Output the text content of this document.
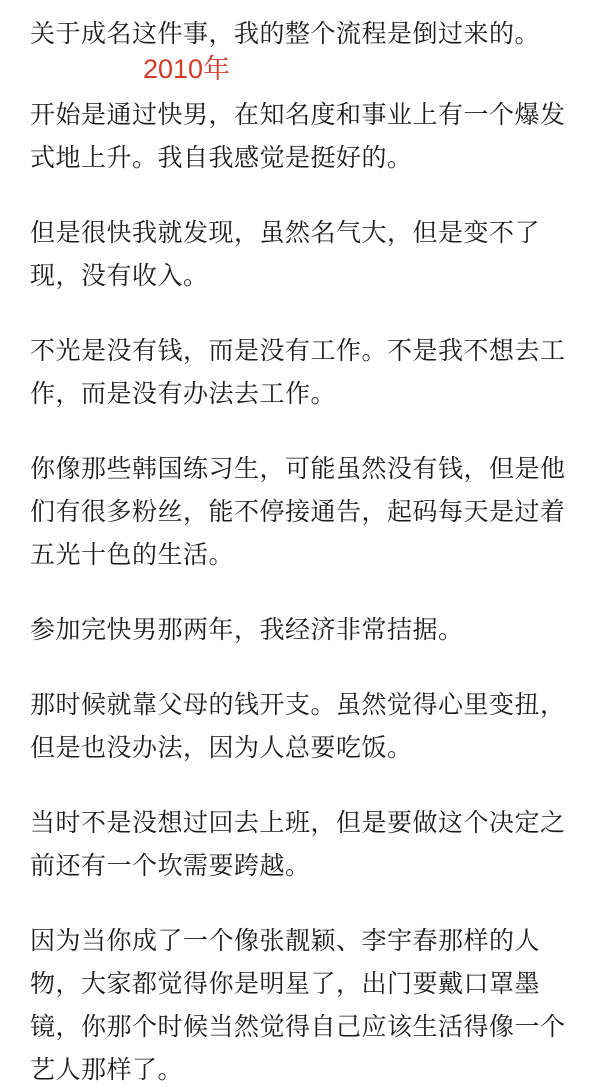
关于成名这件事，我的整个流程是倒过来的。

开始是通过快男，在知名度和事业上有一个爆发式地上升。我自我感觉是挺好的。

但是很快我就发现，虽然名气大，但是变不了现，没有收入。

不光是没有钱，而是没有工作。不是我不想去工作，而是没有办法去工作。

你像那些韩国练习生，可能虽然没有钱，但是他们有很多粉丝，能不停接通告，起码每天是过着五光十色的生活。

参加完快男那两年，我经济非常拮据。

那时候就靠父母的钱开支。虽然觉得心里变扭，但是也没办法，因为人总要吃饭。

当时不是没想过回去上班，但是要做这个决定之前还有一个坎需要跨越。

因为当你成了一个像张靓颖、李宇春那样的人物，大家都觉得你是明星了，出门要戴口罩墨镜，你那个时候当然觉得自己应该生活得像一个艺人那样了。

2010年
